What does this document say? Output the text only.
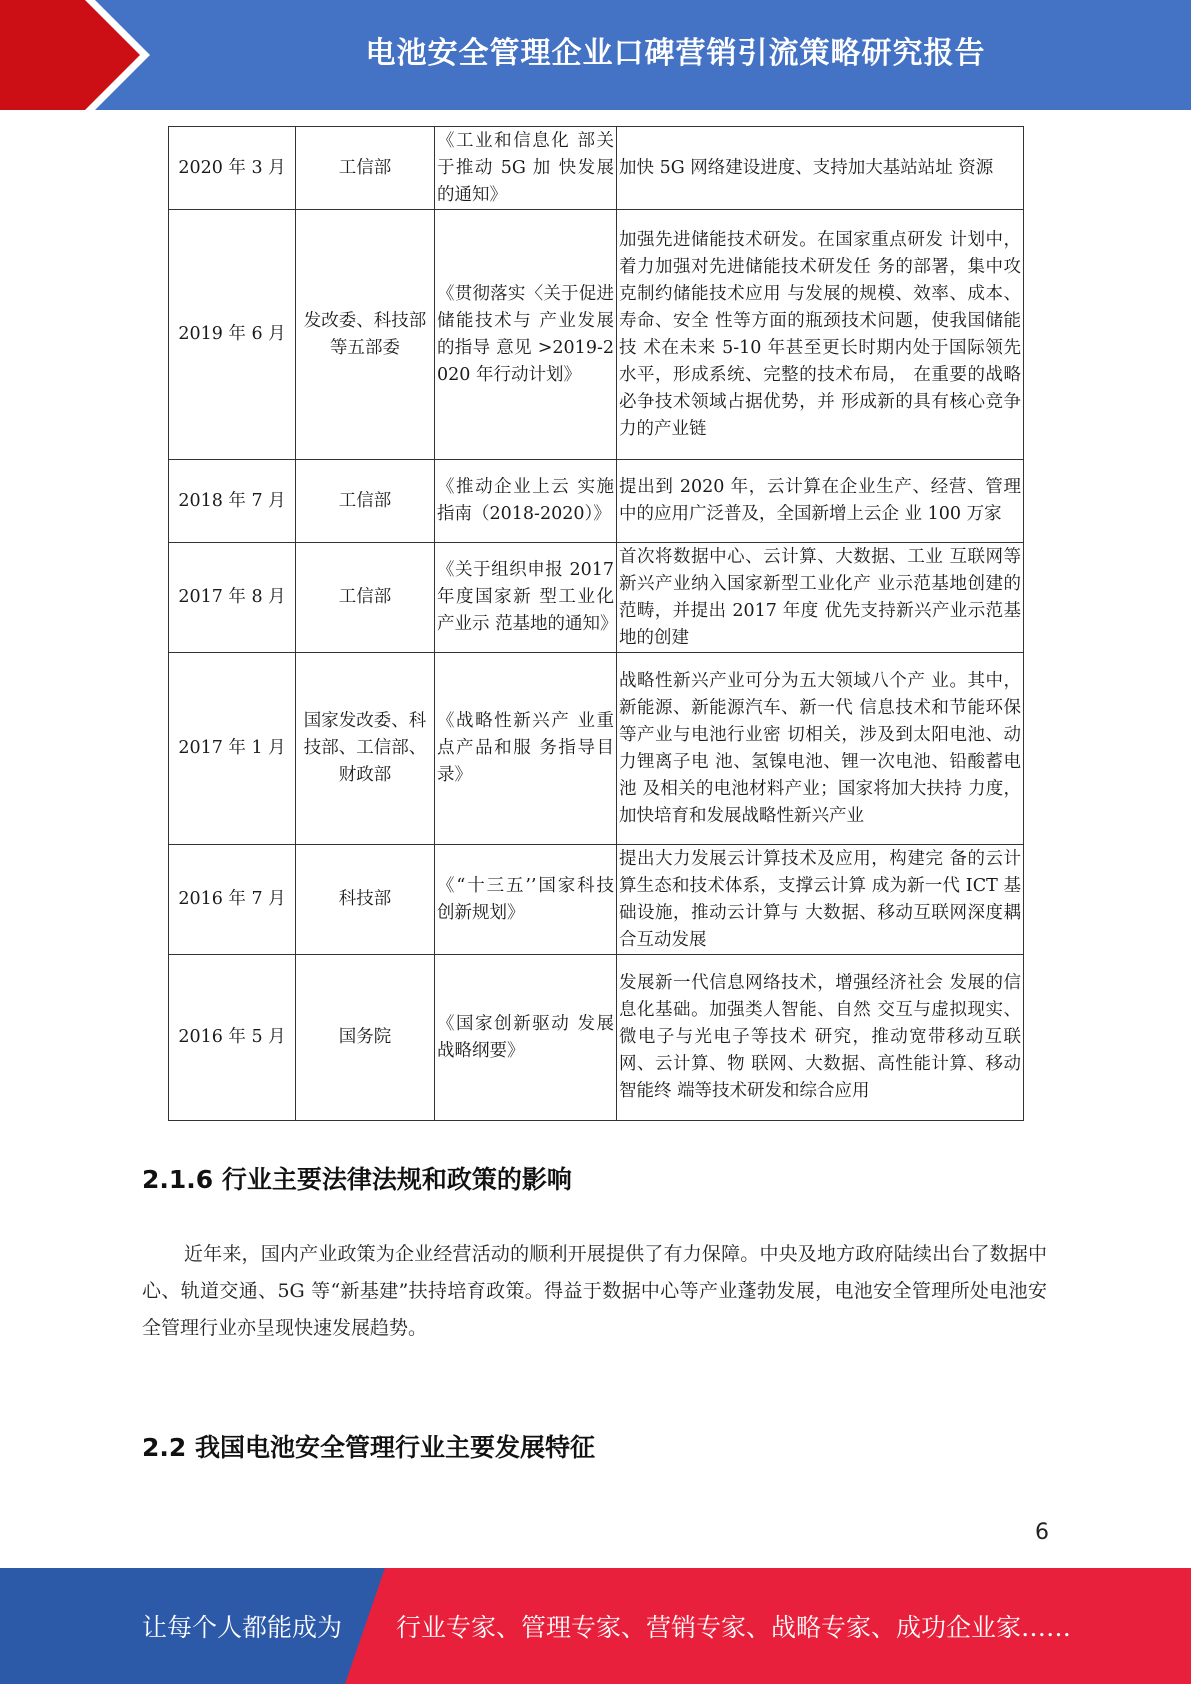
电池安全管理企业口碑营销引流策略研究报告
2020 年 3 月	工信部	《工业和信息化 部关于推动 5G 加 快发展的通知》	加快 5G 网络建设进度、支持加大基站站址 资源
2019 年 6 月	发改委、科技部等五部委	《贯彻落实〈关于促进储能技术与 产业发展的指导 意见 >2019-2020 年行动计划》	加强先进储能技术研发。在国家重点研发 计划中，着力加强对先进储能技术研发任 务的部署，集中攻克制约储能技术应用 与发展的规模、效率、成本、寿命、安全 性等方面的瓶颈技术问题，使我国储能技 术在未来 5-10 年甚至更长时期内处于国际领先水平，形成系统、完整的技术布局， 在重要的战略必争技术领域占据优势，并 形成新的具有核心竞争力的产业链
2018 年 7 月	工信部	《推动企业上云 实施指南（2018-2020）》	提出到 2020 年，云计算在企业生产、经营、管理中的应用广泛普及，全国新增上云企 业 100 万家
2017 年 8 月	工信部	《关于组织申报 2017 年度国家新 型工业化产业示 范基地的通知》	首次将数据中心、云计算、大数据、工业 互联网等新兴产业纳入国家新型工业化产 业示范基地创建的范畴，并提出 2017 年度 优先支持新兴产业示范基地的创建
2017 年 1 月	国家发改委、科技部、工信部、财政部	《战略性新兴产 业重点产品和服 务指导目录》	战略性新兴产业可分为五大领域八个产 业。其中，新能源、新能源汽车、新一代 信息技术和节能环保等产业与电池行业密 切相关，涉及到太阳电池、动力锂离子电 池、氢镍电池、锂一次电池、铅酸蓄电池 及相关的电池材料产业；国家将加大扶持 力度，加快培育和发展战略性新兴产业
2016 年 7 月	科技部	《“十三五’’国家科技创新规划》	提出大力发展云计算技术及应用，构建完 备的云计算生态和技术体系，支撑云计算 成为新一代 ICT 基础设施，推动云计算与 大数据、移动互联网深度耦合互动发展
2016 年 5 月	国务院	《国家创新驱动 发展战略纲要》	发展新一代信息网络技术，增强经济社会 发展的信息化基础。加强类人智能、自然 交互与虚拟现实、微电子与光电子等技术 研究，推动宽带移动互联网、云计算、物 联网、大数据、高性能计算、移动智能终 端等技术研发和综合应用
2.1.6 行业主要法律法规和政策的影响
近年来，国内产业政策为企业经营活动的顺利开展提供了有力保障。中央及地方政府陆续出台了数据中心、轨道交通、5G 等“新基建”扶持培育政策。得益于数据中心等产业蓬勃发展，电池安全管理所处电池安全管理行业亦呈现快速发展趋势。
2.2 我国电池安全管理行业主要发展特征
6
让每个人都能成为 行业专家、管理专家、营销专家、战略专家、成功企业家……
